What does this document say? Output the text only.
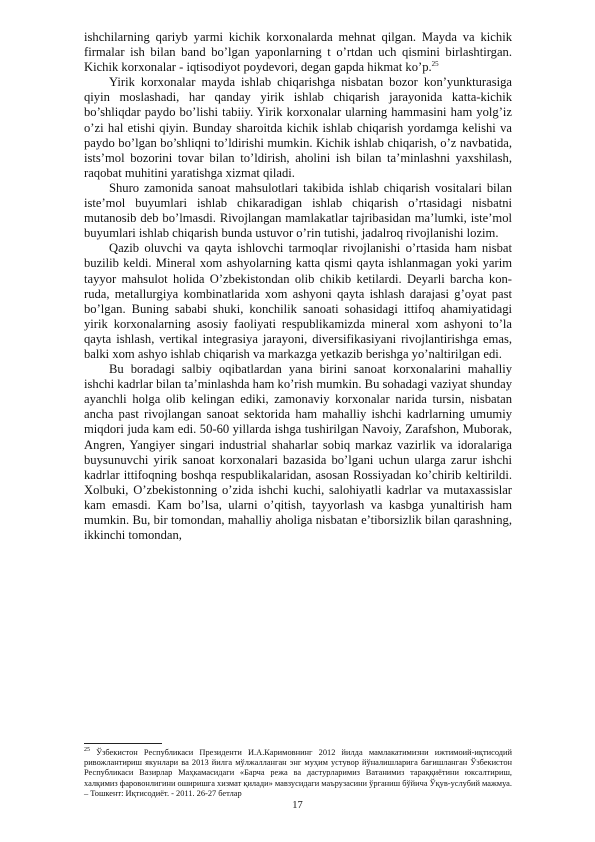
ishchilarning qariyb yarmi kichik korxonalarda mehnat qilgan. Mayda va kichik firmalar ish bilan band bo’lgan yaponlarning t o’rtdan uch qismini birlashtirgan. Kichik korxonalar - iqtisodiyot poydevori, degan gapda hikmat ko’p.$^{25}$

Yirik korxonalar mayda ishlab chiqarishga nisbatan bozor kon’yunkturasiga qiyin moslashadi, har qanday yirik ishlab chiqarish jarayonida katta-kichik bo’shliqdar paydo bo’lishi tabiiy. Yirik korxonalar ularning hammasini ham yolg’iz o’zi hal etishi qiyin. Bunday sharoitda kichik ishlab chiqarish yordamga kelishi va paydo bo’lgan bo’shliqni to’ldirishi mumkin. Kichik ishlab chiqarish, o’z navbatida, ists’mol bozorini tovar bilan to’ldirish, aholini ish bilan ta’minlashni yaxshilash, raqobat muhitini yaratishga xizmat qiladi.

Shuro zamonida sanoat mahsulotlari takibida ishlab chiqarish vositalari bilan iste’mol buyumlari ishlab chikaradigan ishlab chiqarish o’rtasidagi nisbatni mutanosib deb bo’lmasdi. Rivojlangan mamlakatlar tajribasidan ma’lumki, iste’mol buyumlari ishlab chiqarish bunda ustuvor o’rin tutishi, jadalroq rivojlanishi lozim.

Qazib oluvchi va qayta ishlovchi tarmoqlar rivojlanishi o’rtasida ham nisbat buzilib keldi. Mineral xom ashyolarning katta qismi qayta ishlanmagan yoki yarim tayyor mahsulot holida O’zbekistondan olib chikib ketilardi. Deyarli barcha kon-ruda, metallurgiya kombinatlarida xom ashyoni qayta ishlash darajasi g’oyat past bo’lgan. Buning sababi shuki, konchilik sanoati sohasidagi ittifoq ahamiyatidagi yirik korxonalarning asosiy faoliyati respublikamizda mineral xom ashyoni to’la qayta ishlash, vertikal integrasiya jarayoni, diversifikasiyani rivojlantirishga emas, balki xom ashyo ishlab chiqarish va markazga yetkazib berishga yo’naltirilgan edi.

Bu boradagi salbiy oqibatlardan yana birini sanoat korxonalarini mahalliy ishchi kadrlar bilan ta’minlashda ham ko’rish mumkin. Bu sohadagi vaziyat shunday ayanchli holga olib kelingan ediki, zamonaviy korxonalar narida tursin, nisbatan ancha past rivojlangan sanoat sektorida ham mahalliy ishchi kadrlarning umumiy miqdori juda kam edi. 50-60 yillarda ishga tushirilgan Navoiy, Zarafshon, Muborak, Angren, Yangiyer singari industrial shaharlar sobiq markaz vazirlik va idoralariga buysunuvchi yirik sanoat korxonalari bazasida bo’lgani uchun ularga zarur ishchi kadrlar ittifoqning boshqa respublikalaridan, asosan Rossiyadan ko’chirib keltirildi. Xolbuki, O’zbekistonning o’zida ishchi kuchi, salohiyatli kadrlar va mutaxassislar kam emasdi. Kam bo’lsa, ularni o’qitish, tayyorlash va kasbga yunaltirish ham mumkin. Bu, bir tomondan, mahalliy aholiga nisbatan e’tiborsizlik bilan qarashning, ikkinchi tomondan,

$^{25}$ Ўзбекистон Республикаси Президенти И.А.Каримовнинг 2012 йилда мамлакатимизни ижтимоий-иқтисодий ривожлантириш якунлари ва 2013 йилга мўлжалланган энг муҳим устувор йўналишларига бағишланган Ўзбекистон Республикаси Вазирлар Маҳкамасидаги «Барча режа ва дастурларимиз Ватанимиз тараққиётини юксалтириш, халқимиз фаровонлигини оширишга хизмат қилади» мавзусидаги маърузасини ўрганиш бўйича Ўқув-услубий мажмуа. – Тошкент: Иқтисодиёт. - 2011. 26-27 бетлар

17
